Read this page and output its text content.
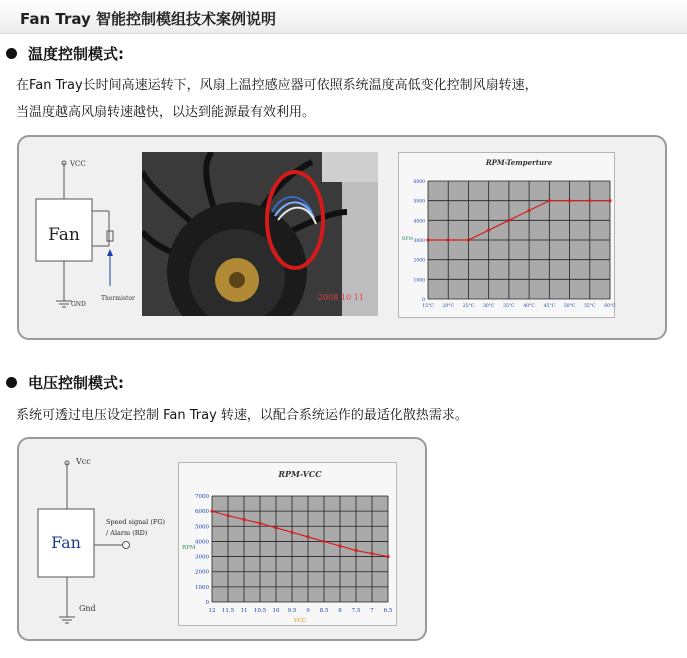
Fan Tray 智能控制模组技术案例说明
温度控制模式:
在Fan Tray长时间高速运转下，风扇上温控感应器可依照系统温度高低变化控制风扇转速，
当温度越高风扇转速越快，以达到能源最有效利用。
VCC
Fan
Thermistor
GND
2008 10 11
RPM-Temperture
0
1000
2000
3000
4000
5000
6000
15°C 20°C 25°C 30°C 35°C 40°C 45°C 50°C 55°C 60°C
RPM
电压控制模式:
系统可透过电压设定控制 Fan Tray 转速，以配合系统运作的最适化散热需求。
Vcc
Fan
Speed signal (FG)
/ Alarm (RD)
Gnd
RPM-VCC
0
1000
2000
3000
4000
5000
6000
7000
12 11.5 11 10.5 10 9.5 9 8.5 8 7.5 7 6.5
RPM
VCC
